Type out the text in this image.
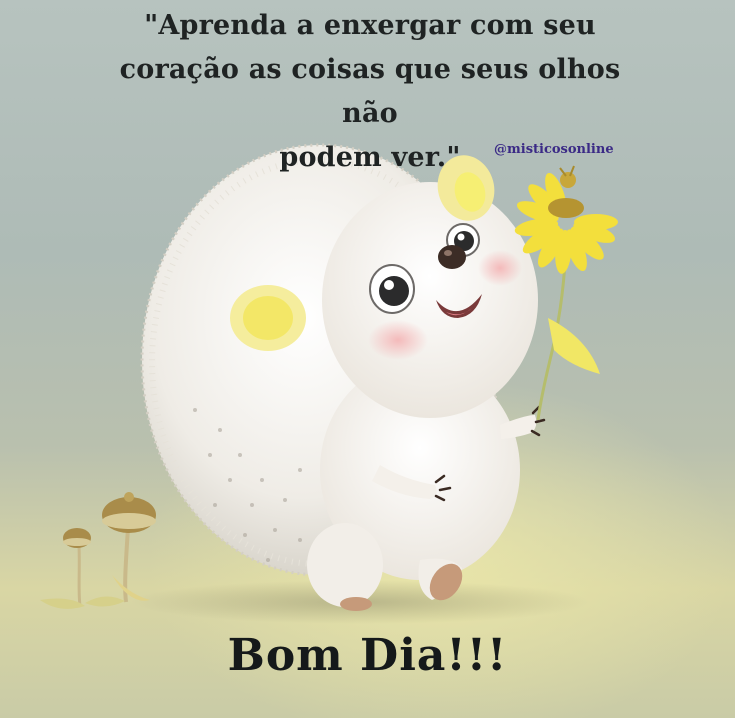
"Aprenda a enxergar com seu
coração as coisas que seus olhos não
podem ver."	@misticosonline
Bom Dia!!!
